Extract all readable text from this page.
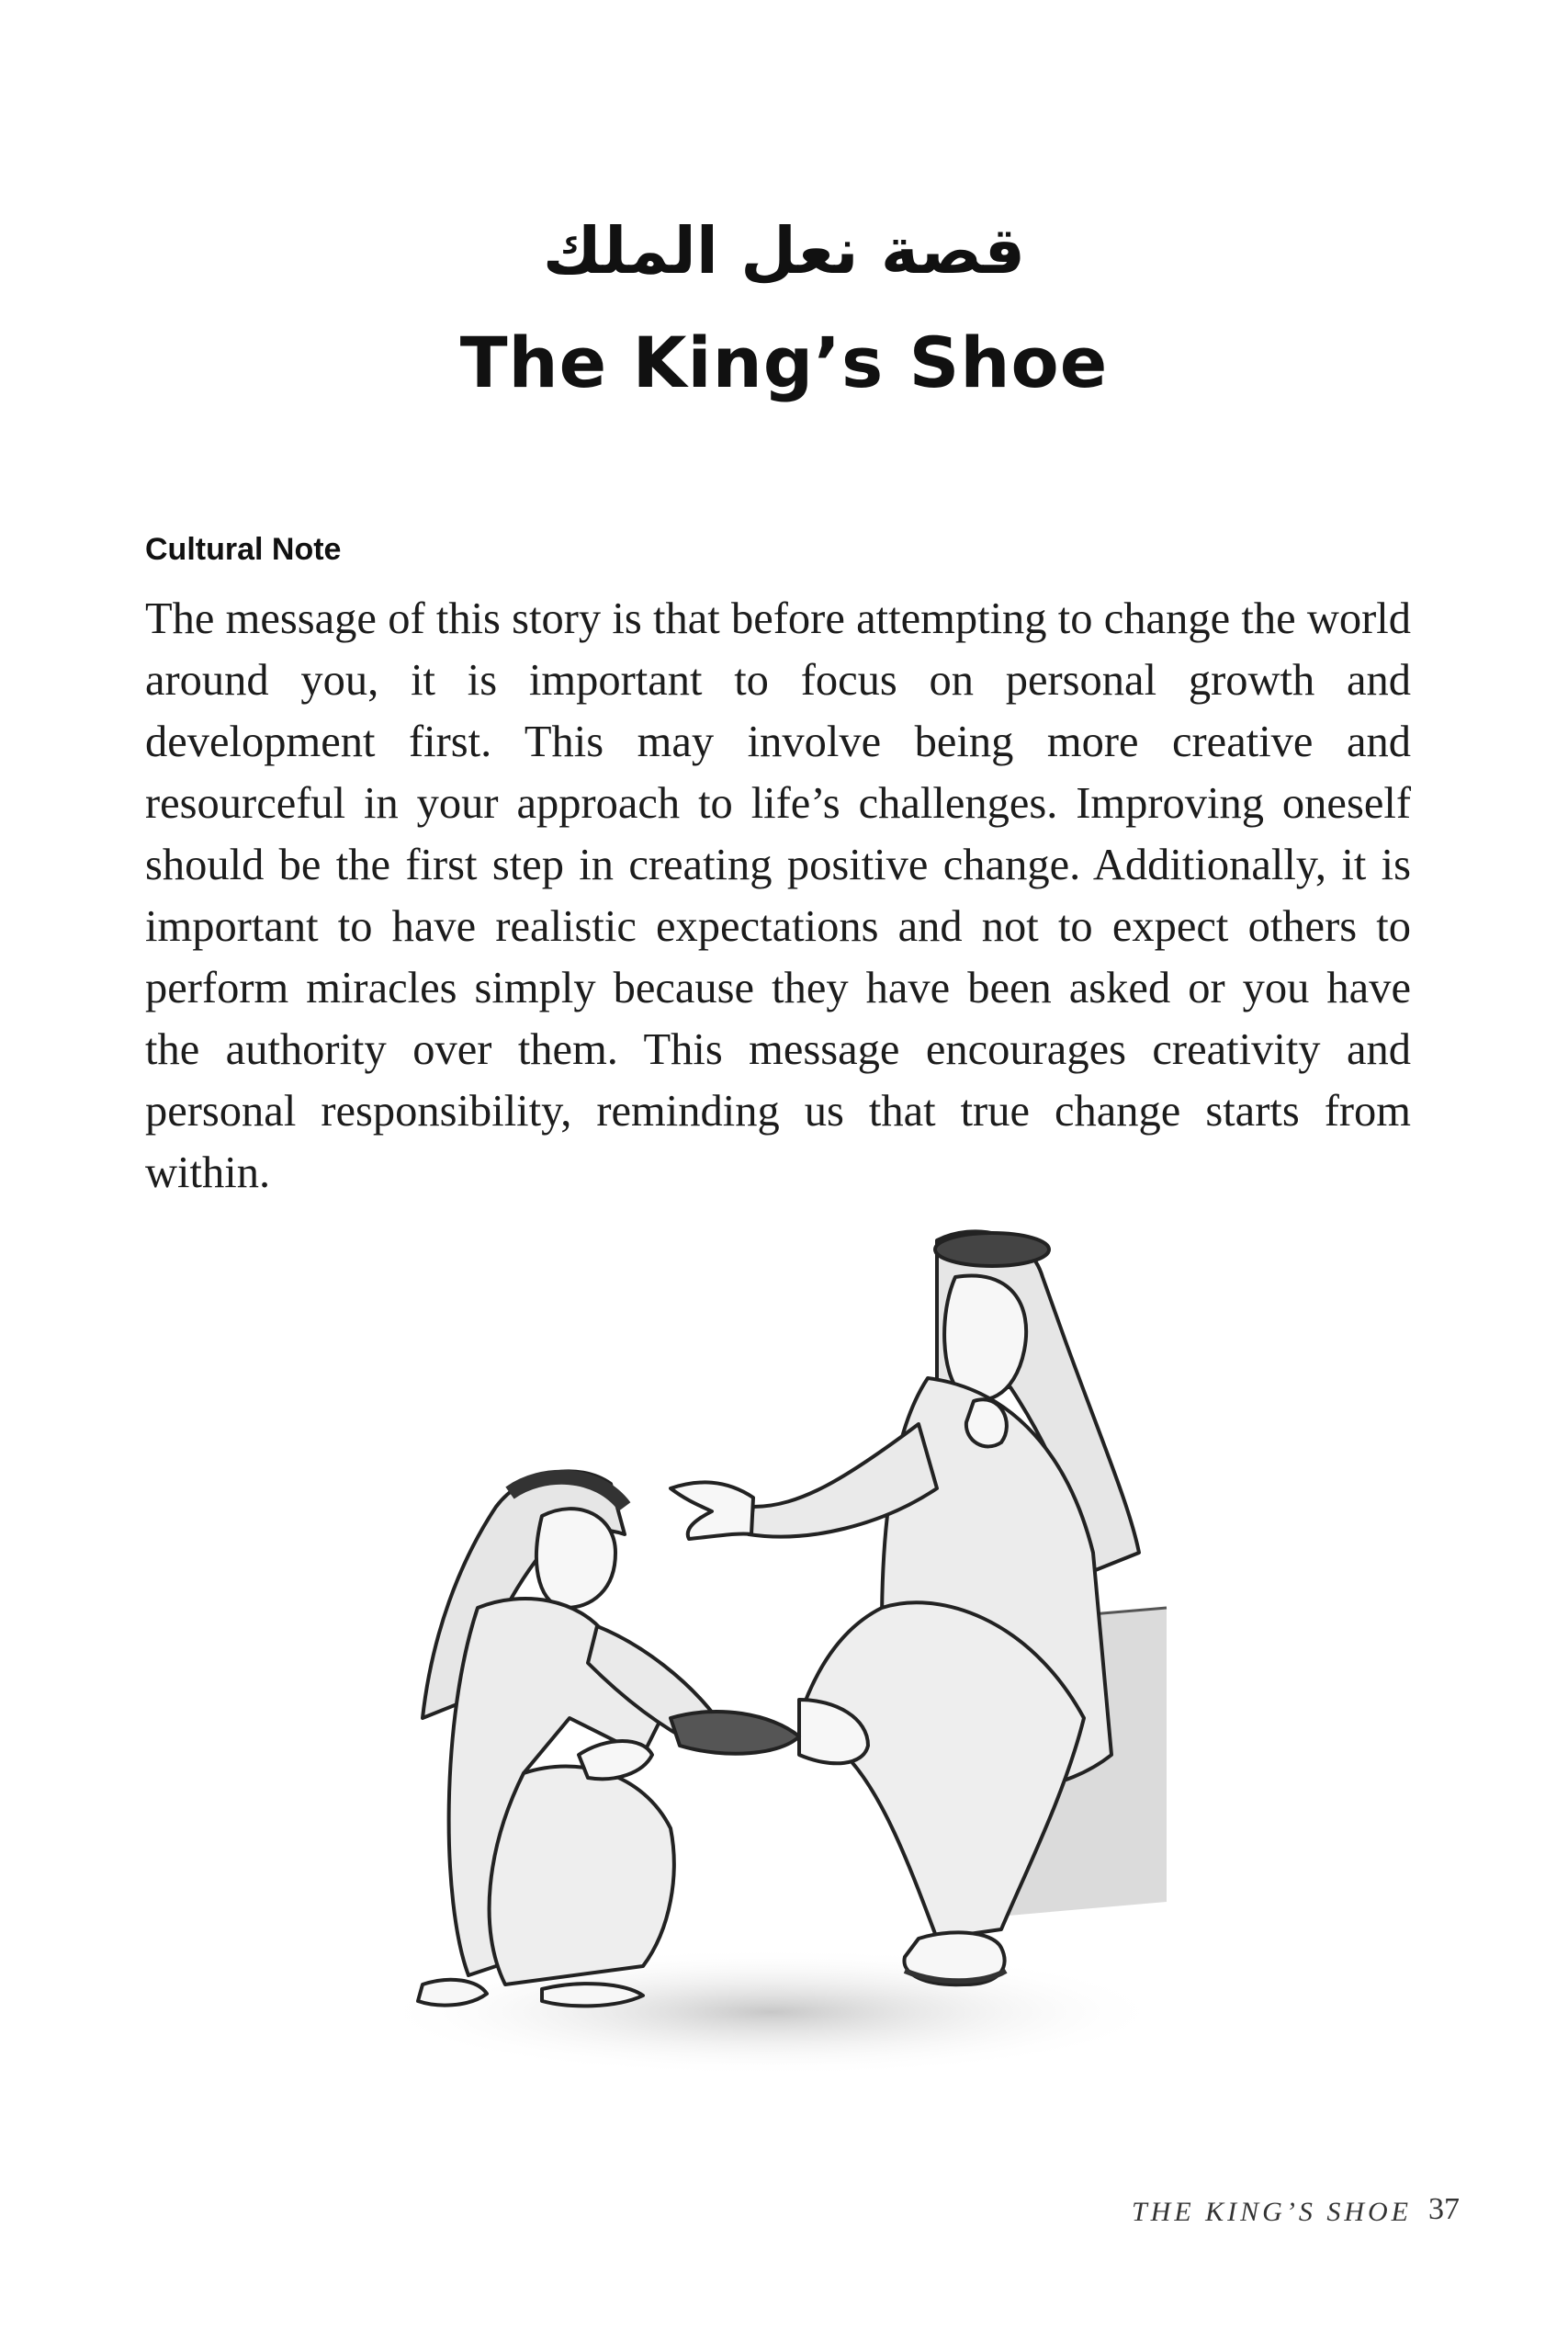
قصة نعل الملك
The King’s Shoe
Cultural Note
The message of this story is that before attempting to change the world around you, it is important to focus on personal growth and development first. This may involve being more creative and resourceful in your approach to life’s challenges. Improving oneself should be the first step in creating positive change. Additionally, it is important to have realistic expectations and not to expect others to perform miracles simply because they have been asked or you have the authority over them. This message encourages creativity and personal responsibility, reminding us that true change starts from within.
THE KING’S SHOE 37
